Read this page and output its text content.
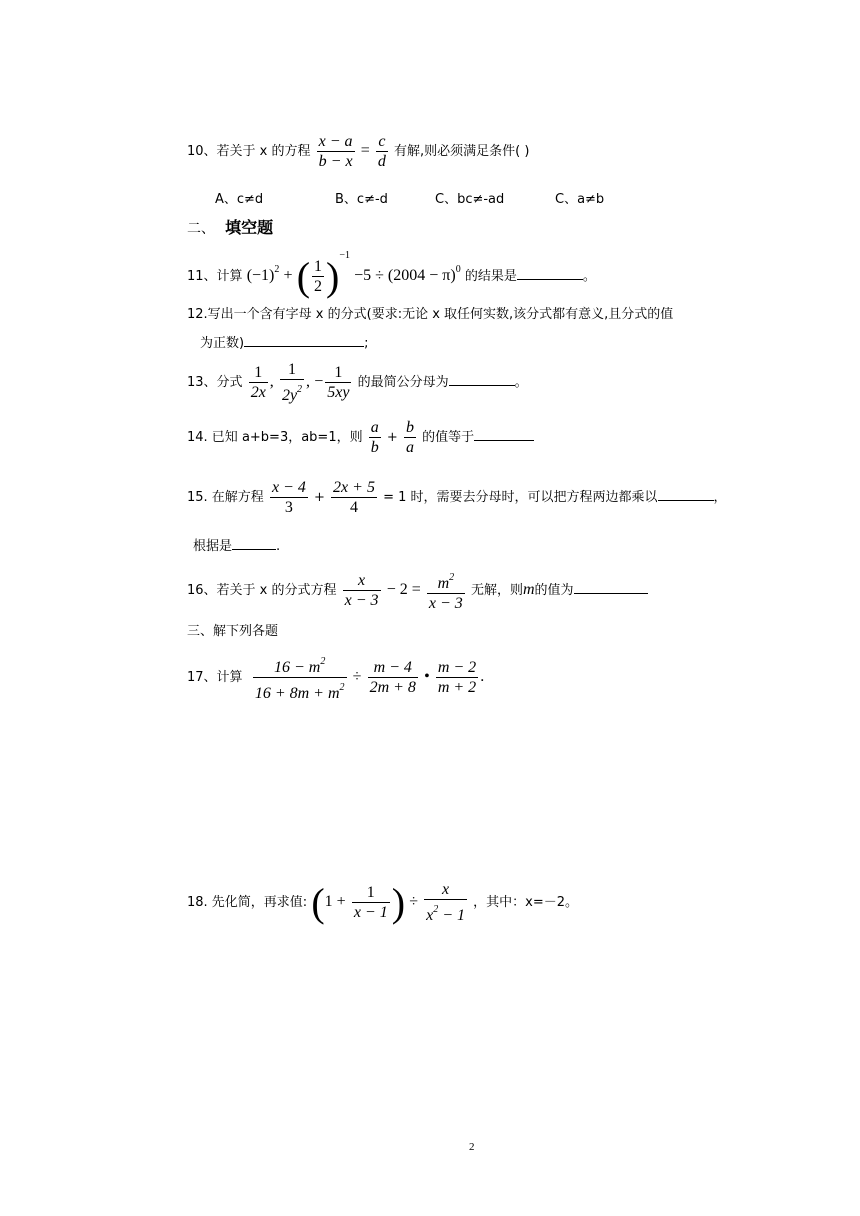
10、若关于 x 的方程 $\frac{x - a}{b - x} = \frac{c}{d}$ 有解,则必须满足条件( )
A、c≠d	B、c≠-d	C、bc≠-ad	C、a≠b
二、 填空题
11、计算 $(-1)^2$ + ( $\frac{1}{2} )^{-1} -5 \div (2004 - \pi)^0$ 的结果是	。
12.写出一个含有字母 x 的分式(要求:无论 x 取任何实数,该分式都有意义,且分式的值
为正数)	;
13、分式 $\frac{1}{2x}$ , $\frac{1}{2y^2}$ , − $\frac{1}{5xy}$ 的最简公分母为	。
14. 已知 a+b=3，ab=1，则 $\frac{a}{b} + \frac{b}{a}$ 的值等于
15. 在解方程 $\frac{x - 4}{3} + \frac{2x + 5}{4} = 1$ 时，需要去分母时，可以把方程两边都乘以	，
根据是	.
16、若关于 x 的分式方程 $\frac{x}{x - 3} - 2 = \frac{m^2}{x - 3}$ 无解，则m的值为
三、解下列各题
17、计算 $\frac{16 - m^2}{16 + 8m + m^2} \div \frac{m - 4}{2m + 8}$ • $\frac{m - 2}{m + 2}$ .
18. 先化简，再求值: ($1 + \frac{1}{x - 1}$ ) ÷ $\frac{x}{x^2 - 1}$ ，其中：x=－2。
2
